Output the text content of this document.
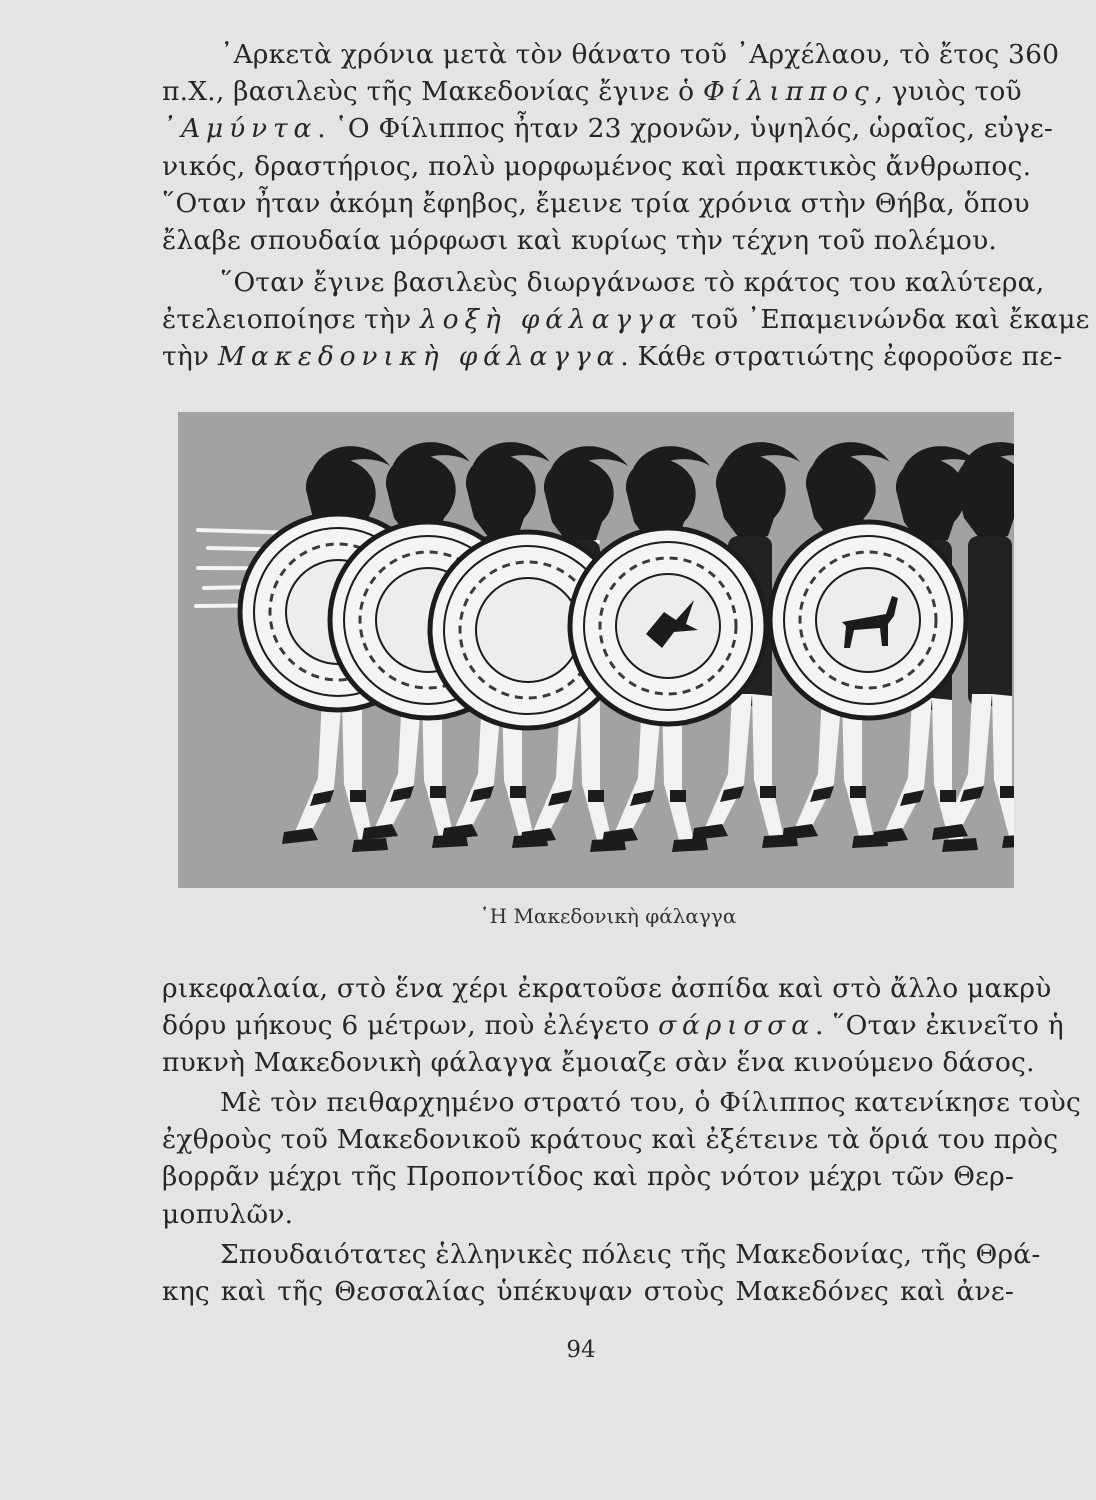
᾽Αρκετὰ χρόνια μετὰ τὸν θάνατο τοῦ ᾽Αρχέλαου, τὸ ἔτος 360
π.Χ., βασιλεὺς τῆς Μακεδονίας ἔγινε ὁ Φίλιππος, γυιὸς τοῦ
᾽Αμύντα. ῾Ο Φίλιππος ἦταν 23 χρονῶν, ὑψηλός, ὡραῖος, εὐγε-
νικός, δραστήριος, πολὺ μορφωμένος καὶ πρακτικὸς ἄνθρωπος.
῞Οταν ἦταν ἀκόμη ἔφηβος, ἔμεινε τρία χρόνια στὴν Θήβα, ὅπου
ἔλαβε σπουδαία μόρφωσι καὶ κυρίως τὴν τέχνη τοῦ πολέμου.

῞Οταν ἔγινε βασιλεὺς διωργάνωσε τὸ κράτος του καλύτερα,
ἐτελειοποίησε τὴν λοξὴ φάλαγγα τοῦ ᾽Επαμεινώνδα καὶ ἔκαμε
τὴν Μακεδονικὴ φάλαγγα. Κάθε στρατιώτης ἐφοροῦσε πε-

῾Η Μακεδονικὴ φάλαγγα

ρικεφαλαία, στὸ ἕνα χέρι ἐκρατοῦσε ἀσπίδα καὶ στὸ ἄλλο μακρὺ
δόρυ μήκους 6 μέτρων, ποὺ ἐλέγετο σάρισσα. ῞Οταν ἐκινεῖτο ἡ
πυκνὴ Μακεδονικὴ φάλαγγα ἔμοιαζε σὰν ἕνα κινούμενο δάσος.

Μὲ τὸν πειθαρχημένο στρατό του, ὁ Φίλιππος κατενίκησε τοὺς
ἐχθροὺς τοῦ Μακεδονικοῦ κράτους καὶ ἐξέτεινε τὰ ὅριά του πρὸς
βορρᾶν μέχρι τῆς Προποντίδος καὶ πρὸς νότον μέχρι τῶν Θερ-
μοπυλῶν.

Σπουδαιότατες ἑλληνικὲς πόλεις τῆς Μακεδονίας, τῆς Θρά-
κης καὶ τῆς Θεσσαλίας ὑπέκυψαν στοὺς Μακεδόνες καὶ ἀνε-

94
